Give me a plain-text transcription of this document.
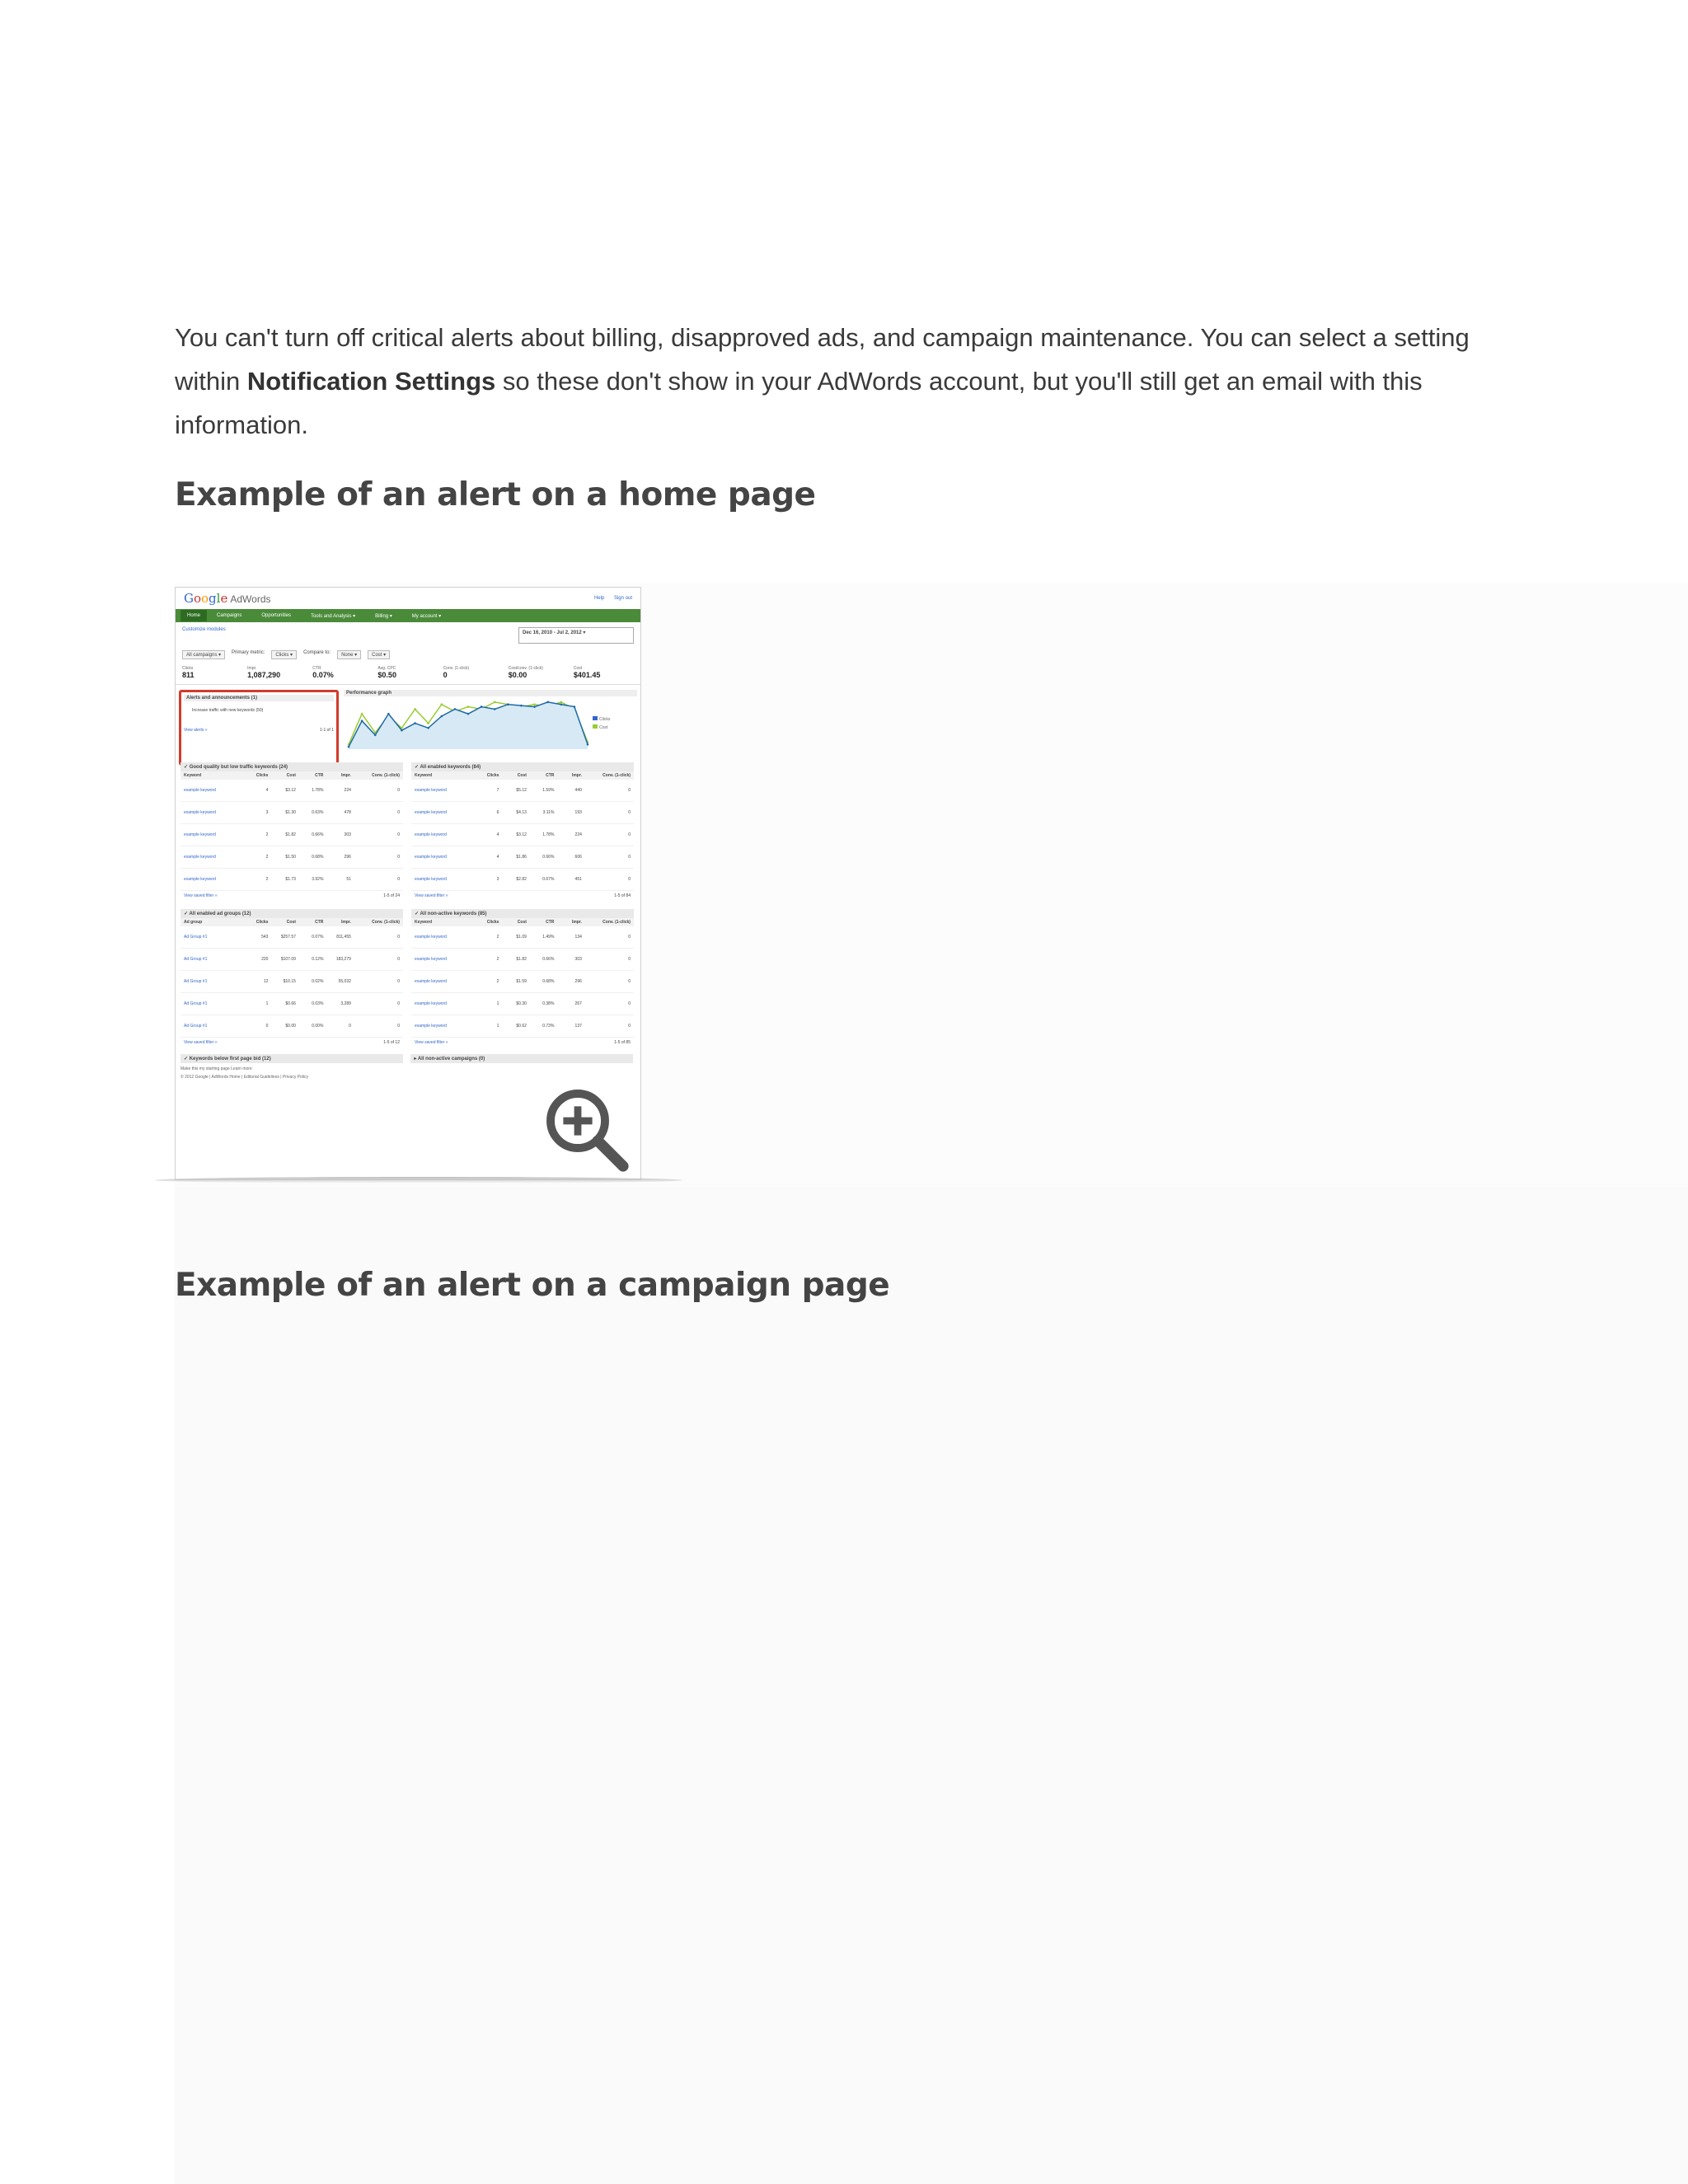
You can't turn off critical alerts about billing, disapproved ads, and campaign maintenance. You can select a setting within Notification Settings so these don't show in your AdWords account, but you'll still get an email with this information.

Example of an alert on a home page
Google AdWords	Help Sign out
Home	Campaigns	Opportunities	Tools and Analysis ▾	Billing ▾	My account ▾
Customize modules
Dec 16, 2010 - Jul 2, 2012 ▾
All campaigns ▾	Primary metric:	Clicks ▾	Compare to:	None ▾	Cost ▾
Clicks
811
Impr.
1,087,290
CTR
0.07%
Avg. CPC
$0.50
Conv. (1-click)
0
Cost/conv. (1-click)
$0.00
Cost
$401.45
Alerts and announcements (1)
Increase traffic with new keywords (50)
View alerts »	1-1 of 1
Performance graph
Clicks
Cost
✓ Good quality but low traffic keywords (24)
Keyword	Clicks	Cost	CTR	Impr.	Conv. (1-click)
example keyword	4	$3.12	1.78%	224	0
example keyword	3	$1.30	0.63%	478	0
example keyword	2	$1.82	0.66%	303	0
example keyword	2	$1.50	0.68%	296	0
example keyword	2	$1.73	3.92%	51	0
View saved filter »	1-5 of 24
✓ All enabled keywords (84)
Keyword	Clicks	Cost	CTR	Impr.	Conv. (1-click)
example keyword	7	$5.12	1.59%	440	0
example keyword	6	$4.13	3.11%	193	0
example keyword	4	$3.12	1.78%	224	0
example keyword	4	$1.86	0.66%	606	0
example keyword	3	$2.82	0.67%	451	0
View saved filter »	1-5 of 84
✓ All enabled ad groups (12)
Ad group	Clicks	Cost	CTR	Impr.	Conv. (1-click)
Ad Group #1	543	$257.57	0.07%	811,455	0
Ad Group #1	220	$107.09	0.12%	183,279	0
Ad Group #1	12	$10.15	0.02%	55,032	0
Ad Group #1	1	$0.66	0.03%	3,289	0
Ad Group #1	0	$0.00	0.00%	0	0
View saved filter »	1-5 of 12
✓ All non-active keywords (85)
Keyword	Clicks	Cost	CTR	Impr.	Conv. (1-click)
example keyword	2	$1.09	1.49%	134	0
example keyword	2	$1.82	0.66%	303	0
example keyword	2	$1.59	0.68%	296	0
example keyword	1	$0.30	0.38%	267	0
example keyword	1	$0.62	0.73%	137	0
View saved filter »	1-5 of 85
✓ Keywords below first page bid (12)	▸ All non-active campaigns (0)

Make this my starting page Learn more

© 2012 Google | AdWords Home | Editorial Guidelines | Privacy Policy

Example of an alert on a campaign page
